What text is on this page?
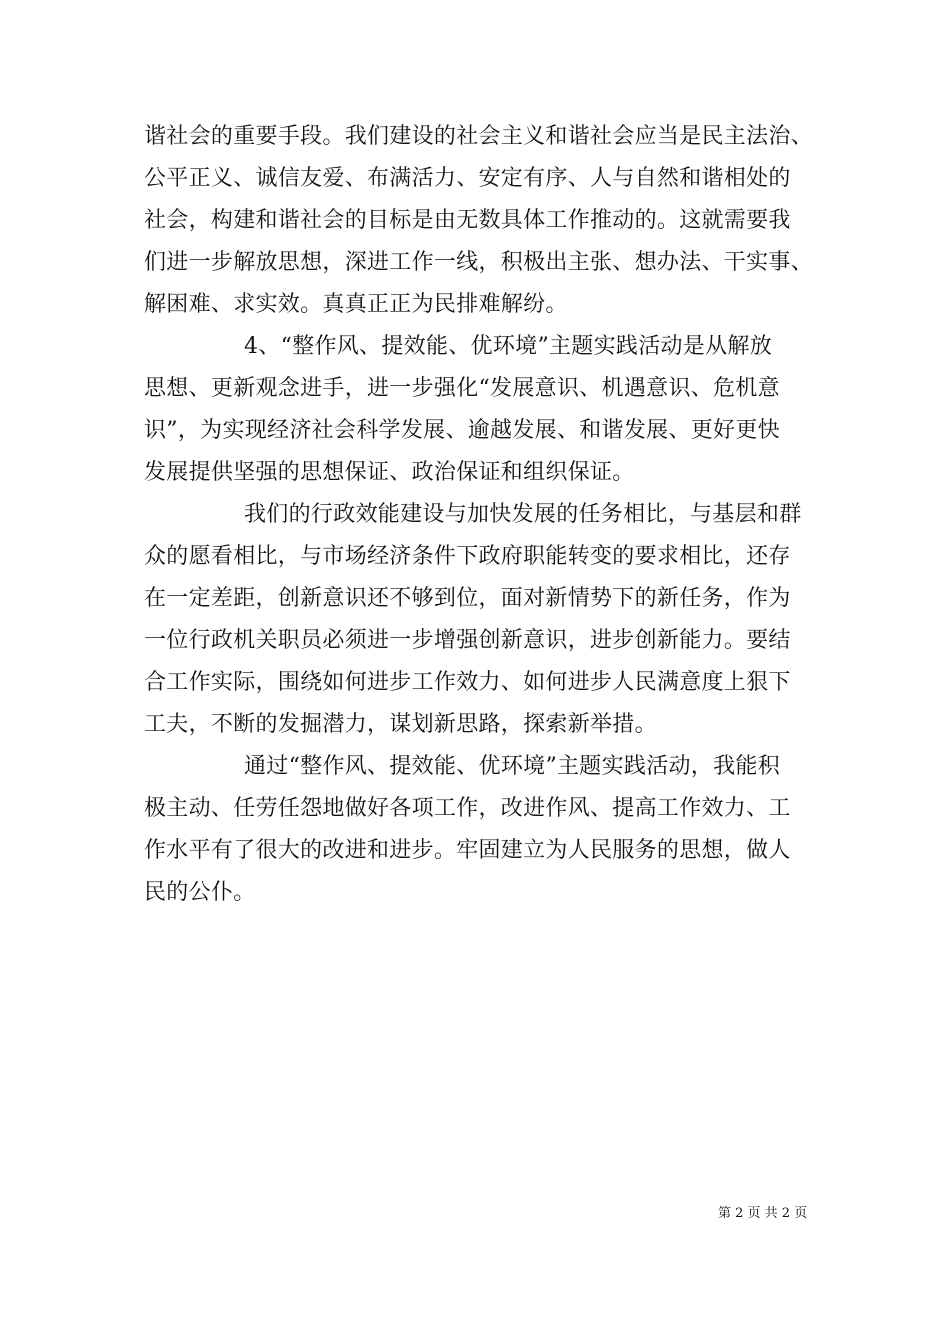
谐社会的重要手段。我们建设的社会主义和谐社会应当是民主法治、
公平正义、诚信友爱、布满活力、安定有序、人与自然和谐相处的
社会，构建和谐社会的目标是由无数具体工作推动的。这就需要我
们进一步解放思想，深进工作一线，积极出主张、想办法、干实事、
解困难、求实效。真真正正为民排难解纷。
4、“整作风、提效能、优环境”主题实践活动是从解放
思想、更新观念进手，进一步强化“发展意识、机遇意识、危机意
识”，为实现经济社会科学发展、逾越发展、和谐发展、更好更快
发展提供坚强的思想保证、政治保证和组织保证。
我们的行政效能建设与加快发展的任务相比，与基层和群
众的愿看相比，与市场经济条件下政府职能转变的要求相比，还存
在一定差距，创新意识还不够到位，面对新情势下的新任务，作为
一位行政机关职员必须进一步增强创新意识，进步创新能力。要结
合工作实际，围绕如何进步工作效力、如何进步人民满意度上狠下
工夫，不断的发掘潜力，谋划新思路，探索新举措。
通过“整作风、提效能、优环境”主题实践活动，我能积
极主动、任劳任怨地做好各项工作，改进作风、提高工作效力、工
作水平有了很大的改进和进步。牢固建立为人民服务的思想，做人
民的公仆。
第 2 页 共 2 页
